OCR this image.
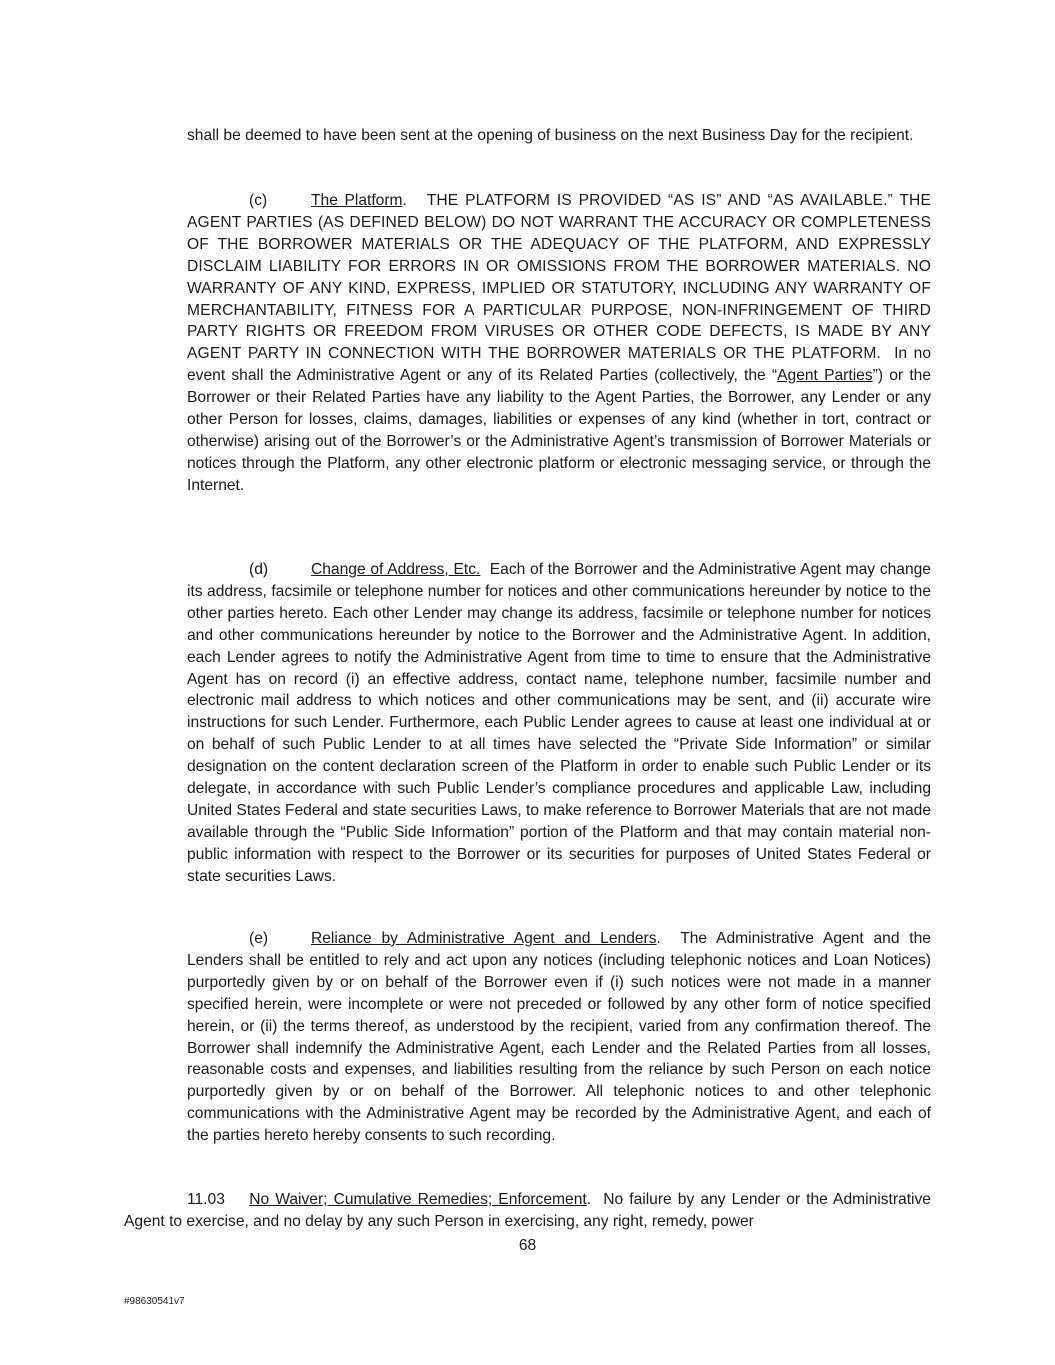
shall be deemed to have been sent at the opening of business on the next Business Day for the recipient.

(c)	The Platform. THE PLATFORM IS PROVIDED “AS IS” AND “AS AVAILABLE.” THE AGENT PARTIES (AS DEFINED BELOW) DO NOT WARRANT THE ACCURACY OR COMPLETENESS OF THE BORROWER MATERIALS OR THE ADEQUACY OF THE PLATFORM, AND EXPRESSLY DISCLAIM LIABILITY FOR ERRORS IN OR OMISSIONS FROM THE BORROWER MATERIALS. NO WARRANTY OF ANY KIND, EXPRESS, IMPLIED OR STATUTORY, INCLUDING ANY WARRANTY OF MERCHANTABILITY, FITNESS FOR A PARTICULAR PURPOSE, NON-INFRINGEMENT OF THIRD PARTY RIGHTS OR FREEDOM FROM VIRUSES OR OTHER CODE DEFECTS, IS MADE BY ANY AGENT PARTY IN CONNECTION WITH THE BORROWER MATERIALS OR THE PLATFORM. In no event shall the Administrative Agent or any of its Related Parties (collectively, the “Agent Parties”) or the Borrower or their Related Parties have any liability to the Agent Parties, the Borrower, any Lender or any other Person for losses, claims, damages, liabilities or expenses of any kind (whether in tort, contract or otherwise) arising out of the Borrower’s or the Administrative Agent’s transmission of Borrower Materials or notices through the Platform, any other electronic platform or electronic messaging service, or through the Internet.

(d)	Change of Address, Etc. Each of the Borrower and the Administrative Agent may change its address, facsimile or telephone number for notices and other communications hereunder by notice to the other parties hereto. Each other Lender may change its address, facsimile or telephone number for notices and other communications hereunder by notice to the Borrower and the Administrative Agent. In addition, each Lender agrees to notify the Administrative Agent from time to time to ensure that the Administrative Agent has on record (i) an effective address, contact name, telephone number, facsimile number and electronic mail address to which notices and other communications may be sent, and (ii) accurate wire instructions for such Lender. Furthermore, each Public Lender agrees to cause at least one individual at or on behalf of such Public Lender to at all times have selected the “Private Side Information” or similar designation on the content declaration screen of the Platform in order to enable such Public Lender or its delegate, in accordance with such Public Lender’s compliance procedures and applicable Law, including United States Federal and state securities Laws, to make reference to Borrower Materials that are not made available through the “Public Side Information” portion of the Platform and that may contain material non-public information with respect to the Borrower or its securities for purposes of United States Federal or state securities Laws.

(e)	Reliance by Administrative Agent and Lenders. The Administrative Agent and the Lenders shall be entitled to rely and act upon any notices (including telephonic notices and Loan Notices) purportedly given by or on behalf of the Borrower even if (i) such notices were not made in a manner specified herein, were incomplete or were not preceded or followed by any other form of notice specified herein, or (ii) the terms thereof, as understood by the recipient, varied from any confirmation thereof. The Borrower shall indemnify the Administrative Agent, each Lender and the Related Parties from all losses, reasonable costs and expenses, and liabilities resulting from the reliance by such Person on each notice purportedly given by or on behalf of the Borrower. All telephonic notices to and other telephonic communications with the Administrative Agent may be recorded by the Administrative Agent, and each of the parties hereto hereby consents to such recording.

11.03 No Waiver; Cumulative Remedies; Enforcement. No failure by any Lender or the Administrative Agent to exercise, and no delay by any such Person in exercising, any right, remedy, power

68
#98630541v7
